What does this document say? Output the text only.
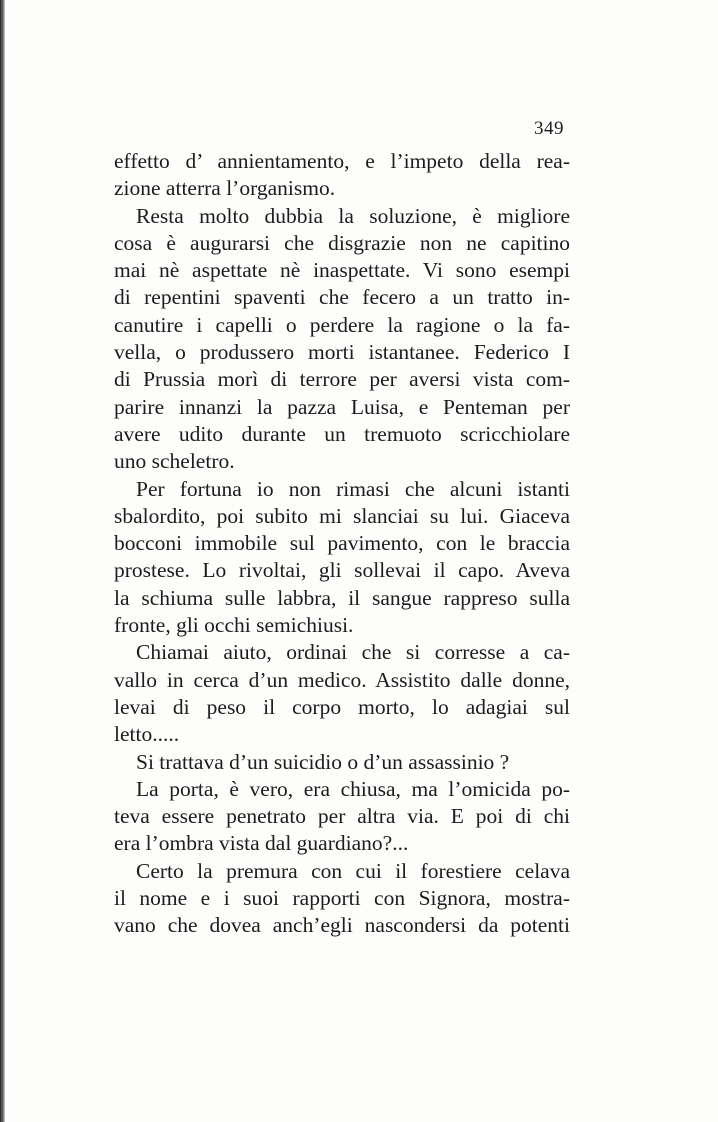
349
effetto d’ annientamento, e l’impeto della rea-
zione atterra l’organismo.
Resta molto dubbia la soluzione, è migliore
cosa è augurarsi che disgrazie non ne capitino
mai nè aspettate nè inaspettate. Vi sono esempi
di repentini spaventi che fecero a un tratto in-
canutire i capelli o perdere la ragione o la fa-
vella, o produssero morti istantanee. Federico I
di Prussia morì di terrore per aversi vista com-
parire innanzi la pazza Luisa, e Penteman per
avere udito durante un tremuoto scricchiolare
uno scheletro.
Per fortuna io non rimasi che alcuni istanti
sbalordito, poi subito mi slanciai su lui. Giaceva
bocconi immobile sul pavimento, con le braccia
prostese. Lo rivoltai, gli sollevai il capo. Aveva
la schiuma sulle labbra, il sangue rappreso sulla
fronte, gli occhi semichiusi.
Chiamai aiuto, ordinai che si corresse a ca-
vallo in cerca d’un medico. Assistito dalle donne,
levai di peso il corpo morto, lo adagiai sul
letto.....
Si trattava d’un suicidio o d’un assassinio ?
La porta, è vero, era chiusa, ma l’omicida po-
teva essere penetrato per altra via. E poi di chi
era l’ombra vista dal guardiano?...
Certo la premura con cui il forestiere celava
il nome e i suoi rapporti con Signora, mostra-
vano che dovea anch’egli nascondersi da potenti
